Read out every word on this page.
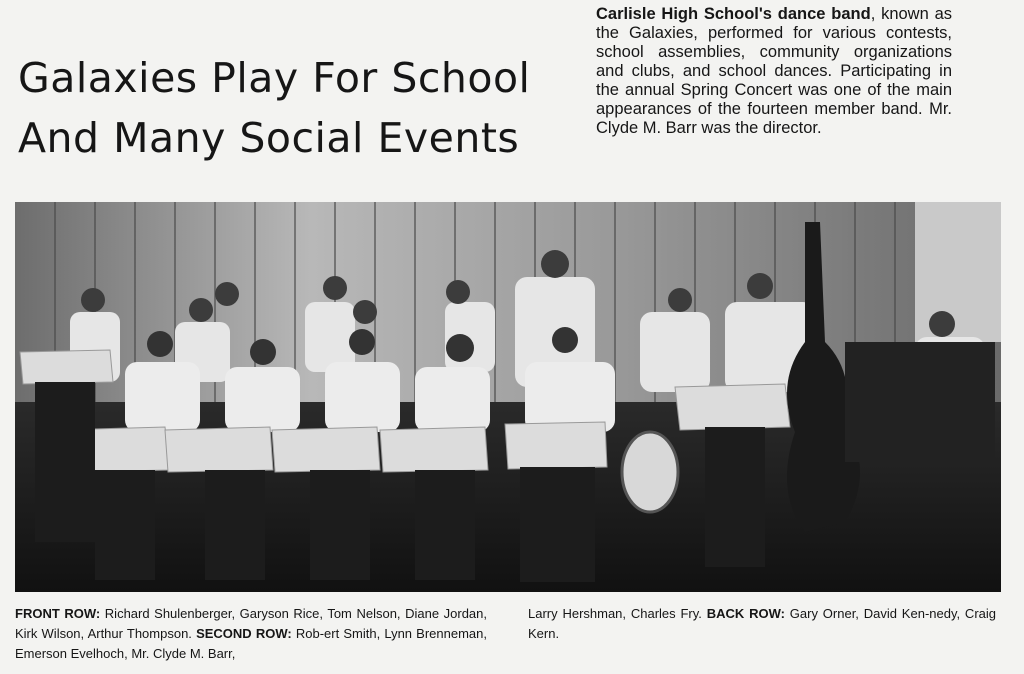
Galaxies Play For School
And Many Social Events

Carlisle High School's dance band, known as the Galaxies, performed for various contests, school assemblies, community organizations and clubs, and school dances. Participating in the annual Spring Concert was one of the main appearances of the fourteen member band. Mr. Clyde M. Barr was the director.

FRONT ROW: Richard Shulenberger, Garyson Rice, Tom Nelson, Diane Jordan, Kirk Wilson, Arthur Thompson. SECOND ROW: Rob-ert Smith, Lynn Brenneman, Emerson Evelhoch, Mr. Clyde M. Barr,

Larry Hershman, Charles Fry. BACK ROW: Gary Orner, David Ken-nedy, Craig Kern.
